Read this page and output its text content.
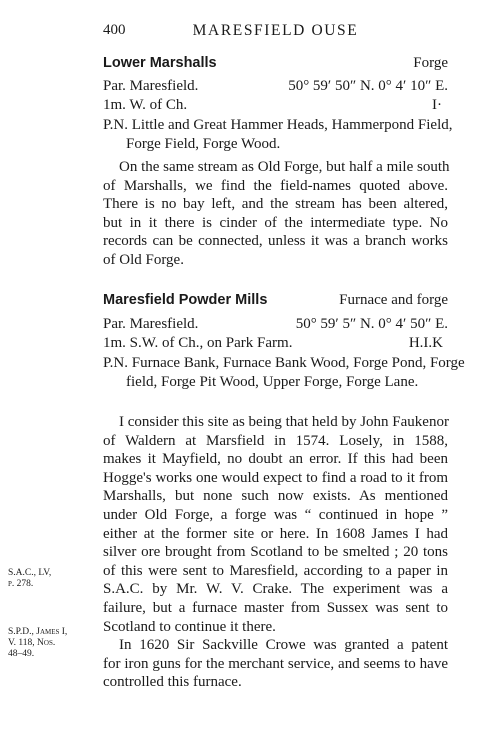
400	MARESFIELD OUSE
Lower Marshalls	Forge
Par. Maresfield.	50° 59′ 50″ N. 0° 4′ 10″ E.
1m. W. of Ch.	I·
P.N. Little and Great Hammer Heads, Hammerpond Field, Forge Field, Forge Wood.
On the same stream as Old Forge, but half a mile south
of Marshalls, we find the field-names quoted above.
There is no bay left, and the stream has been altered,
but in it there is cinder of the intermediate type. No
records can be connected, unless it was a branch works
of Old Forge.
Maresfield Powder Mills	Furnace and forge
Par. Maresfield.	50° 59′ 5″ N. 0° 4′ 50″ E.
1m. S.W. of Ch., on Park Farm.	H.I.K
P.N. Furnace Bank, Furnace Bank Wood, Forge Pond, Forge field, Forge Pit Wood, Upper Forge, Forge Lane.
I consider this site as being that held by John Faukenor
of Waldern at Marsfield in 1574. Losely, in 1588,
makes it Mayfield, no doubt an error. If this had been
Hogge's works one would expect to find a road to it from
Marshalls, but none such now exists. As mentioned
under Old Forge, a forge was “ continued in hope ”
either at the former site or here. In 1608 James I had
silver ore brought from Scotland to be smelted ; 20 tons
of this were sent to Maresfield, according to a paper in
S.A.C. by Mr. W. V. Crake. The experiment was a
failure, but a furnace master from Sussex was sent to
Scotland to continue it there.
In 1620 Sir Sackville Crowe was granted a patent
for iron guns for the merchant service, and seems to have
controlled this furnace.
S.A.C., LV,
p. 278.
S.P.D., James I,
V. 118, Nos.
48–49.
